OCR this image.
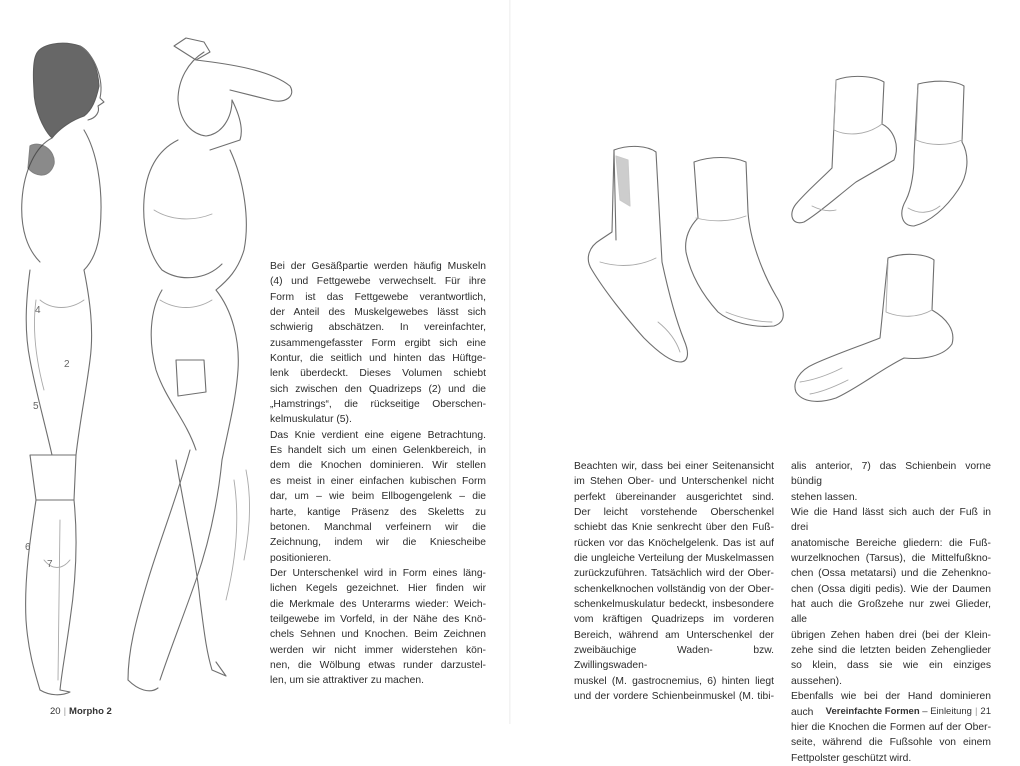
4
2
5
6
7

Bei der Gesäßpartie werden häufig Muskeln

(4) und Fettgewebe verwechselt. Für ihre

Form ist das Fettgewebe verantwortlich,

der Anteil des Muskelgewebes lässt sich

schwierig abschätzen. In vereinfachter,

zusammengefasster Form ergibt sich eine

Kontur, die seitlich und hinten das Hüftge-

lenk überdeckt. Dieses Volumen schiebt

sich zwischen den Quadrizeps (2) und die

„Hamstrings“, die rückseitige Oberschen-

kelmuskulatur (5).

Das Knie verdient eine eigene Betrachtung.

Es handelt sich um einen Gelenkbereich, in

dem die Knochen dominieren. Wir stellen

es meist in einer einfachen kubischen Form

dar, um – wie beim Ellbogengelenk – die

harte, kantige Präsenz des Skeletts zu

betonen. Manchmal verfeinern wir die

Zeichnung, indem wir die Kniescheibe

positionieren.

Der Unterschenkel wird in Form eines läng-

lichen Kegels gezeichnet. Hier finden wir

die Merkmale des Unterarms wieder: Weich-

teilgewebe im Vorfeld, in der Nähe des Knö-

chels Sehnen und Knochen. Beim Zeichnen

werden wir nicht immer widerstehen kön-

nen, die Wölbung etwas runder darzustel-

len, um sie attraktiver zu machen.

Beachten wir, dass bei einer Seitenansicht

im Stehen Ober- und Unterschenkel nicht

perfekt übereinander ausgerichtet sind.

Der leicht vorstehende Oberschenkel

schiebt das Knie senkrecht über den Fuß-

rücken vor das Knöchelgelenk. Das ist auf

die ungleiche Verteilung der Muskelmassen

zurückzuführen. Tatsächlich wird der Ober-

schenkelknochen vollständig von der Ober-

schenkelmuskulatur bedeckt, insbesondere

vom kräftigen Quadrizeps im vorderen

Bereich, während am Unterschenkel der

zweibäuchige Waden- bzw. Zwillingswaden-

muskel (M. gastrocnemius, 6) hinten liegt

und der vordere Schienbeinmuskel (M. tibi-

alis anterior, 7) das Schienbein vorne bündig

stehen lassen.

Wie die Hand lässt sich auch der Fuß in drei

anatomische Bereiche gliedern: die Fuß-

wurzelknochen (Tarsus), die Mittelfußkno-

chen (Ossa metatarsi) und die Zehenkno-

chen (Ossa digiti pedis). Wie der Daumen

hat auch die Großzehe nur zwei Glieder, alle

übrigen Zehen haben drei (bei der Klein-

zehe sind die letzten beiden Zehenglieder

so klein, dass sie wie ein einziges aussehen).

Ebenfalls wie bei der Hand dominieren auch

hier die Knochen die Formen auf der Ober-

seite, während die Fußsohle von einem

Fettpolster geschützt wird.

20 | Morpho 2	Vereinfachte Formen – Einleitung | 21
